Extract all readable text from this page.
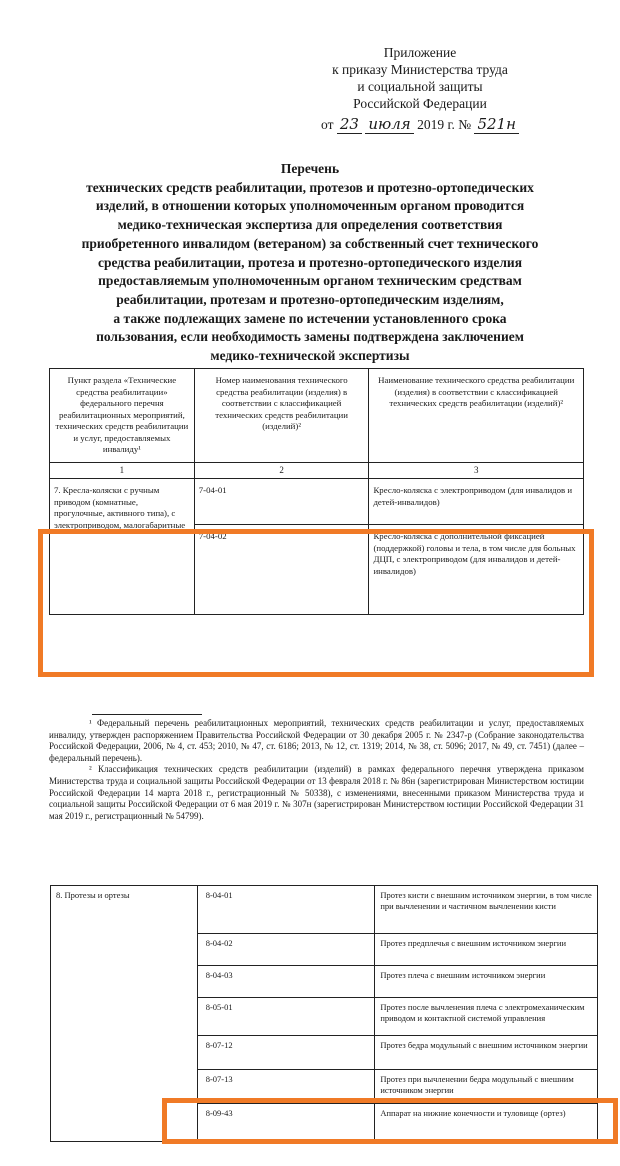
Приложение
к приказу Министерства труда
и социальной защиты
Российской Федерации
от 23 июля 2019 г. № 521н
Перечень
технических средств реабилитации, протезов и протезно-ортопедических
изделий, в отношении которых уполномоченным органом проводится
медико-техническая экспертиза для определения соответствия
приобретенного инвалидом (ветераном) за собственный счет технического
средства реабилитации, протеза и протезно-ортопедического изделия
предоставляемым уполномоченным органом техническим средствам
реабилитации, протезам и протезно-ортопедическим изделиям,
а также подлежащих замене по истечении установленного срока
пользования, если необходимость замены подтверждена заключением
медико-технической экспертизы
Пункт раздела «Технические средства реабилитации» федерального перечня реабилитационных мероприятий, технических средств реабилитации и услуг, предоставляемых инвалиду¹	Номер наименования технического средства реабилитации (изделия) в соответствии с классификацией технических средств реабилитации (изделий)²	Наименование технического средства реабилитации (изделия) в соответствии с классификацией технических средств реабилитации (изделий)²
1	2	3
7. Кресла-коляски с ручным приводом (комнатные, прогулочные, активного типа), с электроприводом, малогабаритные	7-04-01	Кресло-коляска с электроприводом (для инвалидов и детей-инвалидов)
	7-04-02	Кресло-коляска с дополнительной фиксацией (поддержкой) головы и тела, в том числе для больных ДЦП, с электроприводом (для инвалидов и детей-инвалидов)

¹ Федеральный перечень реабилитационных мероприятий, технических средств реабилитации и услуг, предоставляемых инвалиду, утвержден распоряжением Правительства Российской Федерации от 30 декабря 2005 г. № 2347-р (Собрание законодательства Российской Федерации, 2006, № 4, ст. 453; 2010, № 47, ст. 6186; 2013, № 12, ст. 1319; 2014, № 38, ст. 5096; 2017, № 49, ст. 7451) (далее – федеральный перечень).

² Классификация технических средств реабилитации (изделий) в рамках федерального перечня утверждена приказом Министерства труда и социальной защиты Российской Федерации от 13 февраля 2018 г. № 86н (зарегистрирован Министерством юстиции Российской Федерации 14 марта 2018 г., регистрационный № 50338), с изменениями, внесенными приказом Министерства труда и социальной защиты Российской Федерации от 6 мая 2019 г. № 307н (зарегистрирован Министерством юстиции Российской Федерации 31 мая 2019 г., регистрационный № 54799).

8. Протезы и ортезы	8-04-01	Протез кисти с внешним источником энергии, в том числе при вычленении и частичном вычленении кисти
	8-04-02	Протез предплечья с внешним источником энергии
	8-04-03	Протез плеча с внешним источником энергии
	8-05-01	Протез после вычленения плеча с электромеханическим приводом и контактной системой управления
	8-07-12	Протез бедра модульный с внешним источником энергии
	8-07-13	Протез при вычленении бедра модульный с внешним источником энергии
	8-09-43	Аппарат на нижние конечности и туловище (ортез)
